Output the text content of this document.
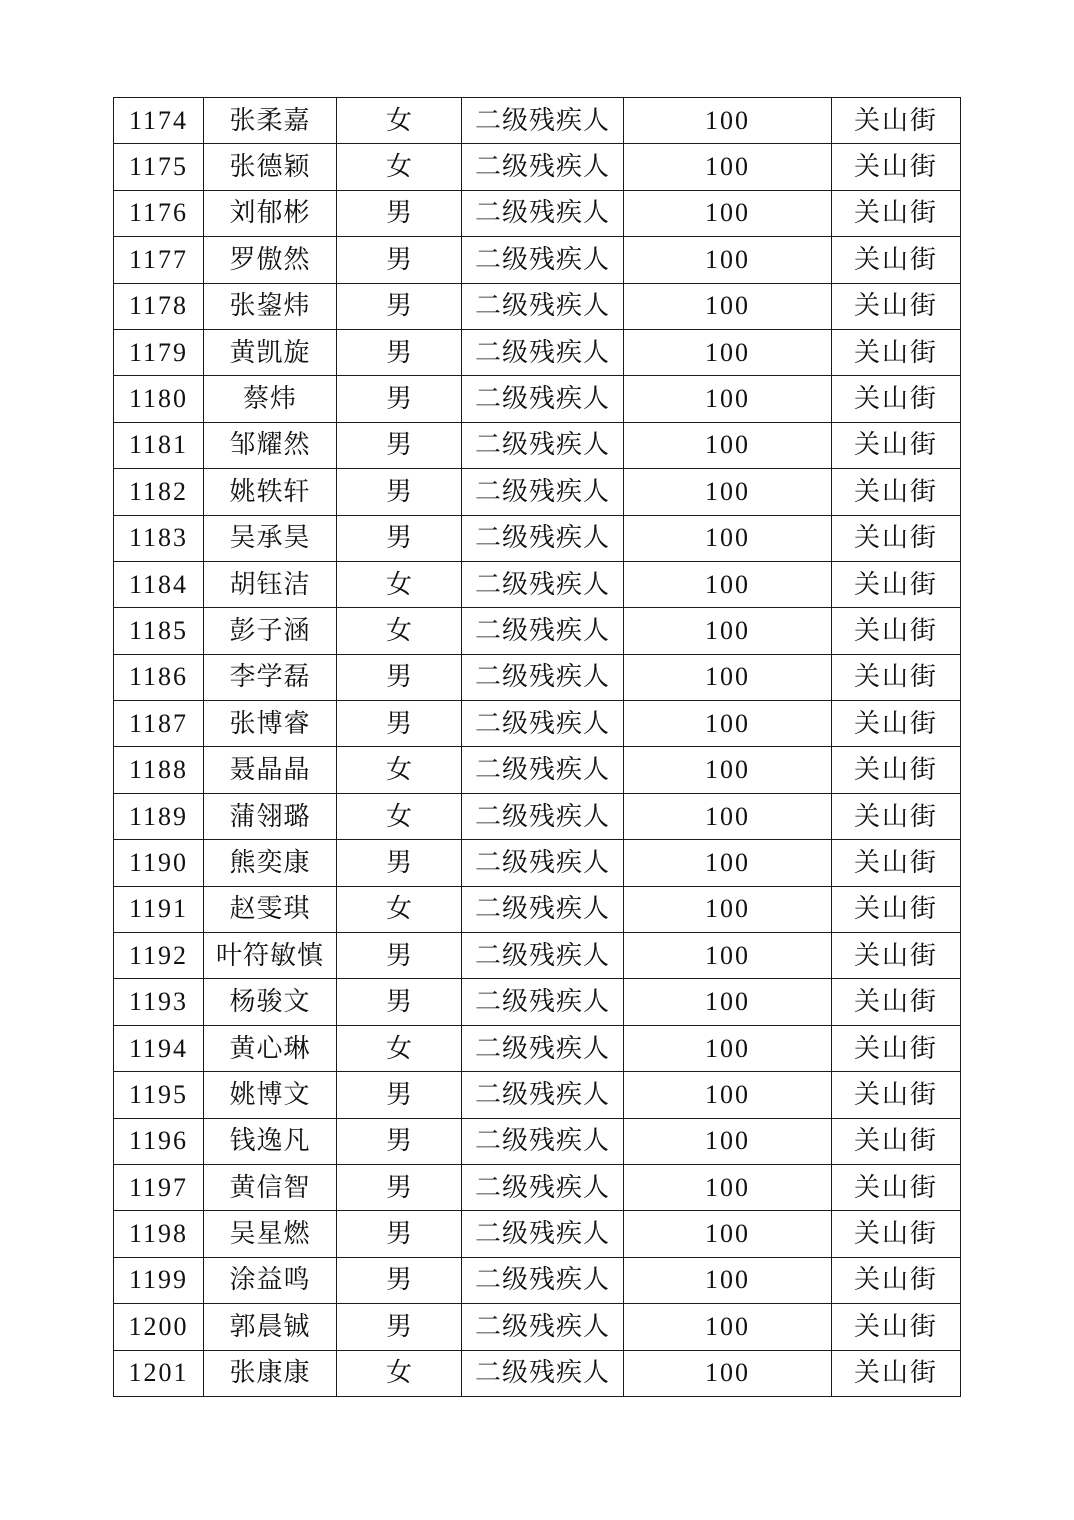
1174	张柔嘉	女	二级残疾人	100	关山街
1175	张德颖	女	二级残疾人	100	关山街
1176	刘郁彬	男	二级残疾人	100	关山街
1177	罗傲然	男	二级残疾人	100	关山街
1178	张鋆炜	男	二级残疾人	100	关山街
1179	黄凯旋	男	二级残疾人	100	关山街
1180	蔡炜	男	二级残疾人	100	关山街
1181	邹耀然	男	二级残疾人	100	关山街
1182	姚轶轩	男	二级残疾人	100	关山街
1183	吴承昊	男	二级残疾人	100	关山街
1184	胡钰洁	女	二级残疾人	100	关山街
1185	彭子涵	女	二级残疾人	100	关山街
1186	李学磊	男	二级残疾人	100	关山街
1187	张博睿	男	二级残疾人	100	关山街
1188	聂晶晶	女	二级残疾人	100	关山街
1189	蒲翎璐	女	二级残疾人	100	关山街
1190	熊奕康	男	二级残疾人	100	关山街
1191	赵雯琪	女	二级残疾人	100	关山街
1192	叶符敏慎	男	二级残疾人	100	关山街
1193	杨骏文	男	二级残疾人	100	关山街
1194	黄心琳	女	二级残疾人	100	关山街
1195	姚博文	男	二级残疾人	100	关山街
1196	钱逸凡	男	二级残疾人	100	关山街
1197	黄信智	男	二级残疾人	100	关山街
1198	吴星燃	男	二级残疾人	100	关山街
1199	涂益鸣	男	二级残疾人	100	关山街
1200	郭晨铖	男	二级残疾人	100	关山街
1201	张康康	女	二级残疾人	100	关山街
